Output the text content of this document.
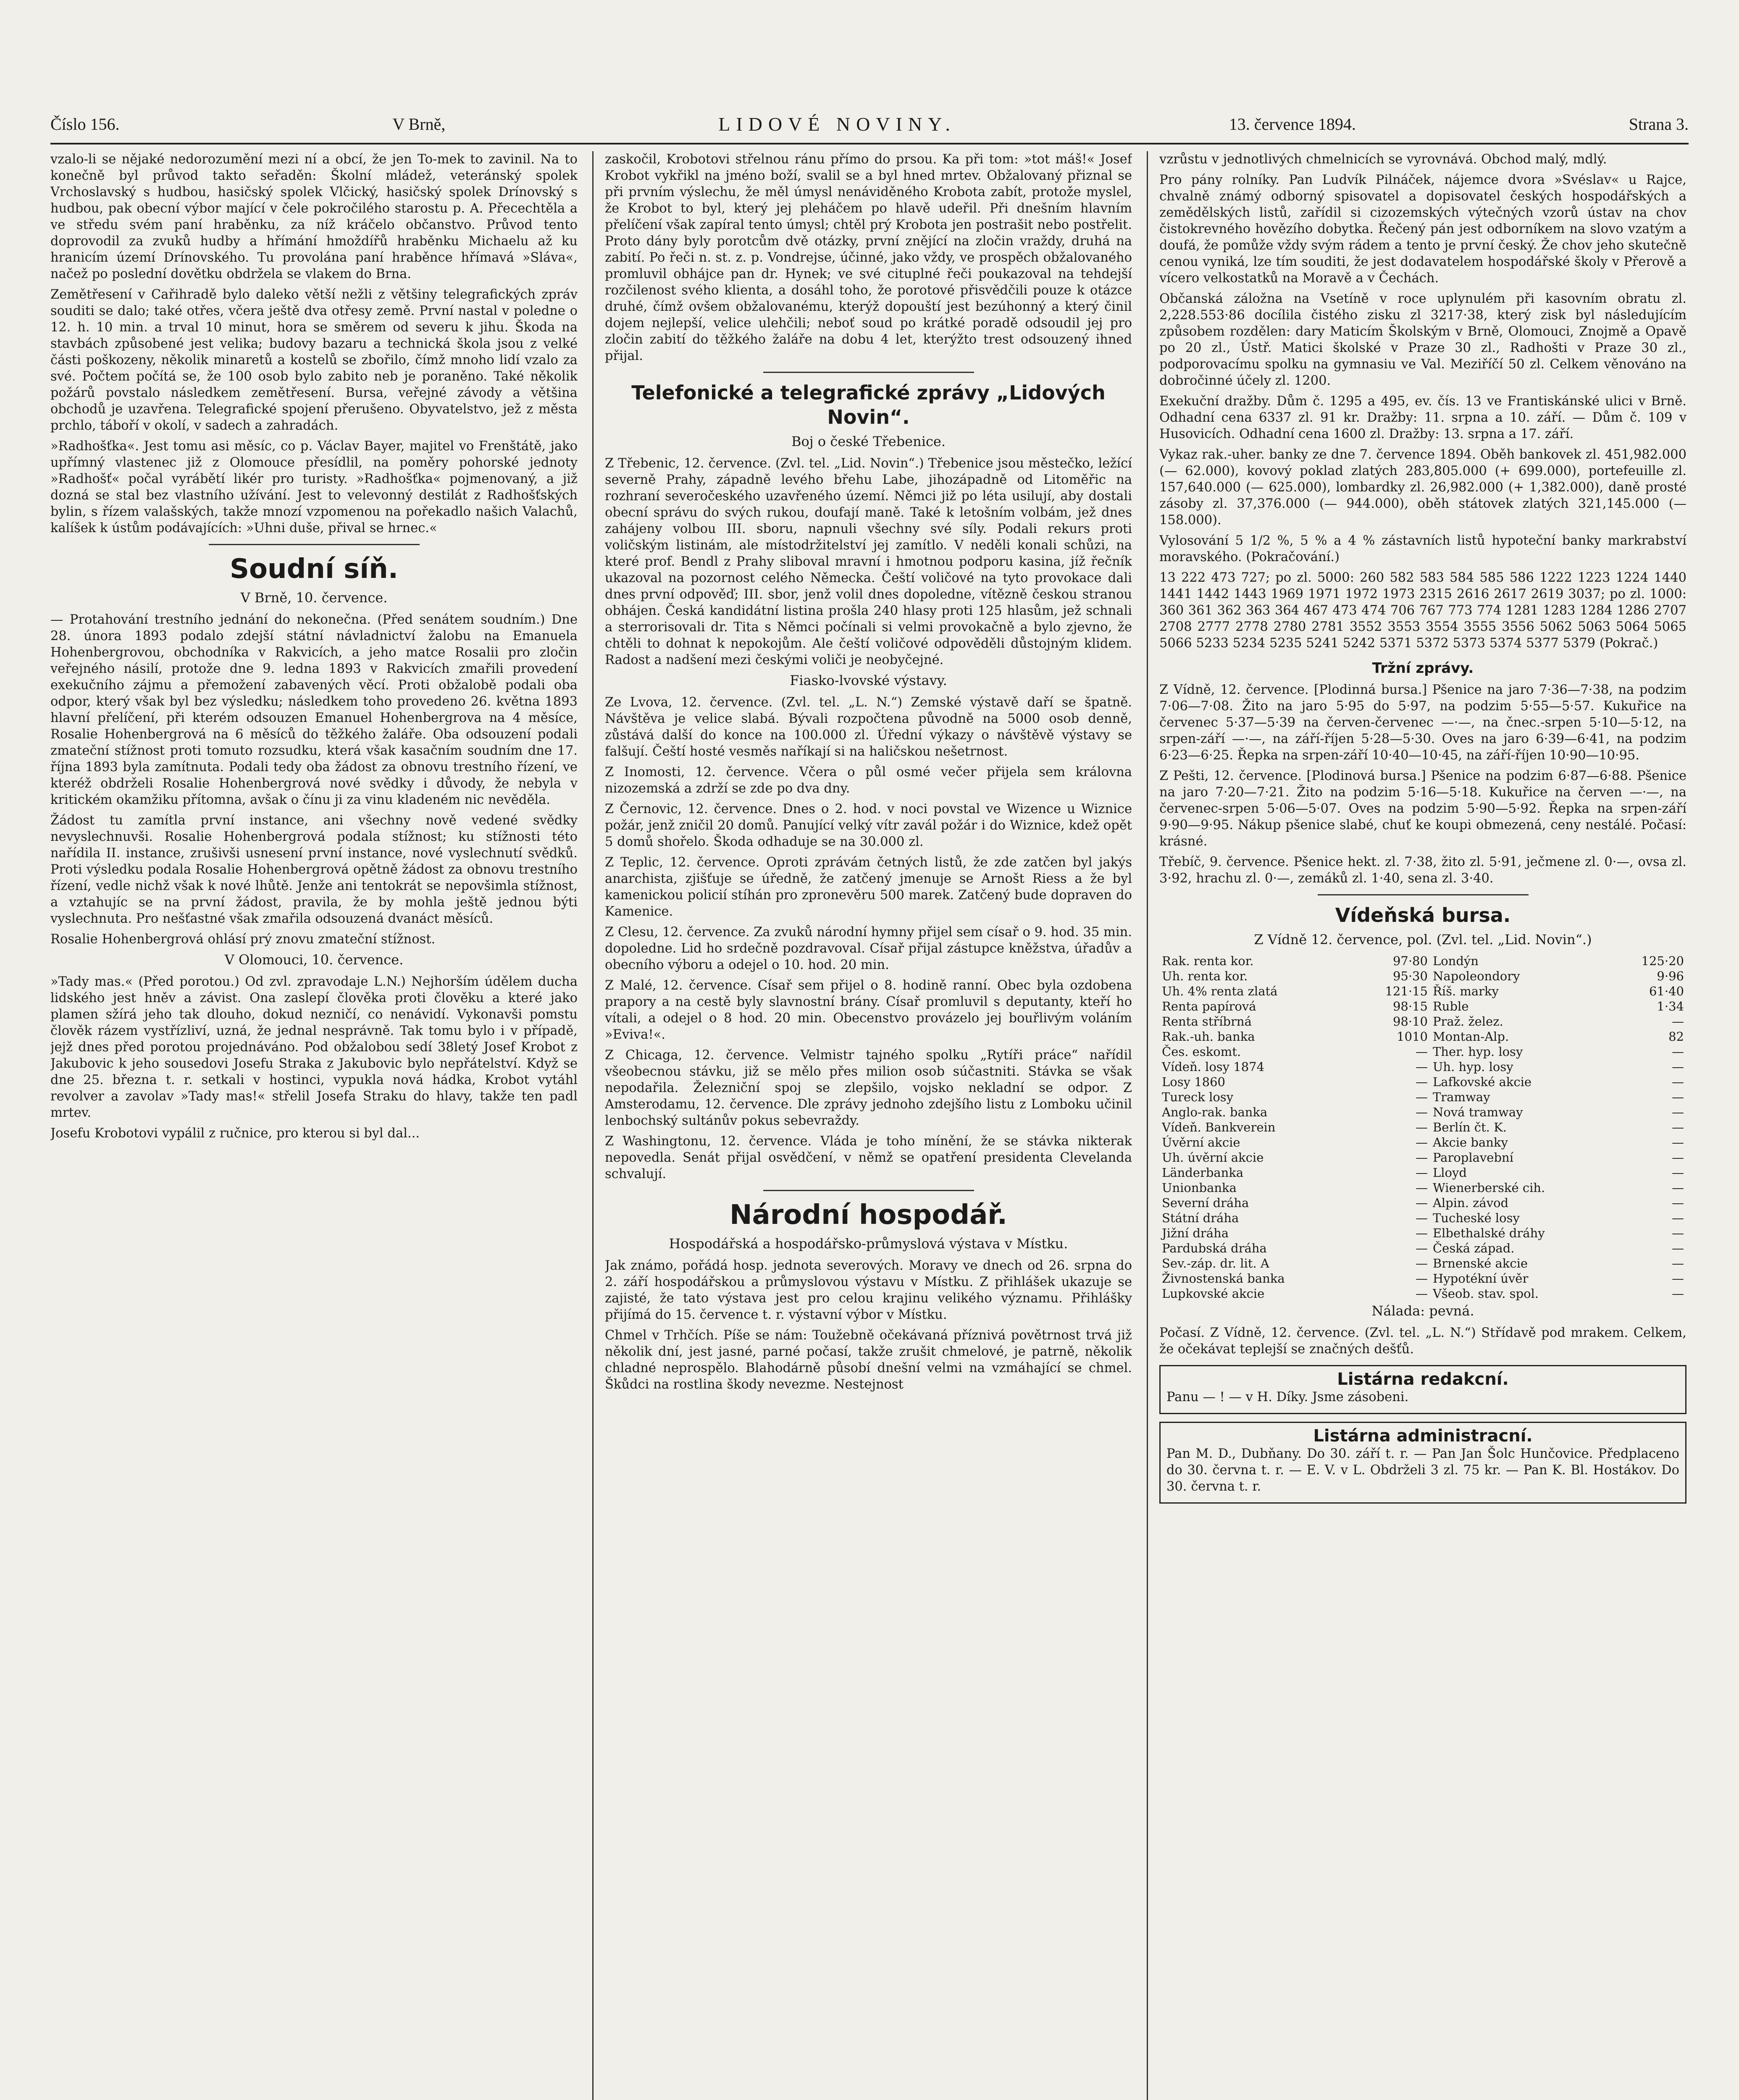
Číslo 156.	V Brně,	LIDOVÉ NOVINY.	13. července 1894.	Strana 3.

vzalo-li se nějaké nedorozumění mezi ní a obcí, že jen To-mek to zavinil. Na to konečně byl průvod takto seřaděn: Školní mládež, veteránský spolek Vrchoslavský s hudbou, hasičský spolek Vlčický, hasičský spolek Drínovský s hudbou, pak obecní výbor mající v čele pokročilého starostu p. A. Přecechtěla a ve středu svém paní hraběnku, za níž kráčelo občanstvo. Průvod tento doprovodil za zvuků hudby a hřímání hmoždířů hraběnku Michaelu až ku hranicím území Drínovského. Tu provolána paní hraběnce hřímavá »Sláva«, načež po poslední dovětku obdržela se vlakem do Brna.

Zemětřesení v Cařihradě bylo daleko větší nežli z většiny telegrafických zpráv souditi se dalo; také otřes, včera ještě dva otřesy země. První nastal v poledne o 12. h. 10 min. a trval 10 minut, hora se směrem od severu k jihu. Škoda na stavbách způsobené jest velika; budovy bazaru a technická škola jsou z velké části poškozeny, několik minaretů a kostelů se zbořilo, čímž mnoho lidí vzalo za své. Počtem počítá se, že 100 osob bylo zabito neb je poraněno. Také několik požárů povstalo následkem zemětřesení. Bursa, veřejné závody a většina obchodů je uzavřena. Telegrafické spojení přerušeno. Obyvatelstvo, jež z města prchlo, táboří v okolí, v sadech a zahradách.

»Radhošťka«. Jest tomu asi měsíc, co p. Václav Bayer, majitel vo Frenštátě, jako upřímný vlastenec již z Olomouce přesídlil, na poměry pohorské jednoty »Radhošť« počal vyrábětí likér pro turisty. »Radhošťka« pojmenovaný, a již dozná se stal bez vlastního užívání. Jest to velevonný destilát z Radhošťských bylin, s řízem valašských, takže mnozí vzpomenou na pořekadlo našich Valachů, kalíšek k ústům podávajících: »Uhni duše, přival se hrnec.«

Soudní síň.
V Brně, 10. července.

— Protahování trestního jednání do nekonečna. (Před senátem soudním.) Dne 28. února 1893 podalo zdejší státní návladnictví žalobu na Emanuela Hohenbergrovou, obchodníka v Rakvicích, a jeho matce Rosalii pro zločin veřejného násilí, protože dne 9. ledna 1893 v Rakvicích zmařili provedení exekučního zájmu a přemožení zabavených věcí. Proti obžalobě podali oba odpor, který však byl bez výsledku; následkem toho provedeno 26. května 1893 hlavní přelíčení, při kterém odsouzen Emanuel Hohenbergrova na 4 měsíce, Rosalie Hohenbergrová na 6 měsíců do těžkého žaláře. Oba odsouzení podali zmateční stížnost proti tomuto rozsudku, která však kasačním soudním dne 17. října 1893 byla zamítnuta. Podali tedy oba žádost za obnovu trestního řízení, ve kteréž obdrželi Rosalie Hohenbergrová nové svědky i důvody, že nebyla v kritickém okamžiku přítomna, avšak o čínu ji za vinu kladeném nic nevěděla.

Žádost tu zamítla první instance, ani všechny nově vedené svědky nevyslechnuvši. Rosalie Hohenbergrová podala stížnost; ku stížnosti této nařídila II. instance, zrušivši usnesení první instance, nové vyslechnutí svědků. Proti výsledku podala Rosalie Hohenbergrová opětně žádost za obnovu trestního řízení, vedle nichž však k nové lhůtě. Jenže ani tentokrát se nepovšimla stížnost, a vztahujíc se na první žádost, pravila, že by mohla ještě jednou býti vyslechnuta. Pro nešťastné však zmařila odsouzená dvanáct měsíců.

Rosalie Hohenbergrová ohlásí prý znovu zmateční stížnost.

V Olomouci, 10. července.

»Tady mas.« (Před porotou.) Od zvl. zpravodaje L.N.) Nejhorším údělem ducha lidského jest hněv a závist. Ona zaslepí člověka proti člověku a které jako plamen sžírá jeho tak dlouho, dokud nezničí, co nenávidí. Vykonavši pomstu člověk rázem vystřízliví, uzná, že jednal nesprávně. Tak tomu bylo i v případě, jejž dnes před porotou projednáváno. Pod obžalobou sedí 38letý Josef Krobot z Jakubovic k jeho sousedovi Josefu Straka z Jakubovic bylo nepřátelství. Když se dne 25. března t. r. setkali v hostinci, vypukla nová hádka, Krobot vytáhl revolver a zavolav »Tady mas!« střelil Josefa Straku do hlavy, takže ten padl mrtev.

Josefu Krobotovi vypálil z ručnice, pro kterou si byl dal...

zaskočil, Krobotovi střelnou ránu přímo do prsou. Ka při tom: »tot máš!« Josef Krobot vykřikl na jméno boží, svalil se a byl hned mrtev. Obžalovaný přiznal se při prvním výslechu, že měl úmysl nenáviděného Krobota zabít, protože myslel, že Krobot to byl, který jej pleháčem po hlavě udeřil. Při dnešním hlavním přelíčení však zapíral tento úmysl; chtěl prý Krobota jen postrašit nebo postřelit. Proto dány byly porotcům dvě otázky, první znějící na zločin vraždy, druhá na zabití. Po řeči n. st. z. p. Vondrejse, účinné, jako vždy, ve prospěch obžalovaného promluvil obhájce pan dr. Hynek; ve své cituplné řeči poukazoval na tehdejší rozčilenost svého klienta, a dosáhl toho, že porotové přisvědčili pouze k otázce druhé, čímž ovšem obžalovanému, kterýž dopouští jest bezúhonný a který činil dojem nejlepší, velice ulehčili; neboť soud po krátké poradě odsoudil jej pro zločin zabití do těžkého žaláře na dobu 4 let, kterýžto trest odsouzený ihned přijal.

Telefonické a telegrafické zprávy „Lidových Novin“.
Boj o české Třebenice.

Z Třebenic, 12. července. (Zvl. tel. „Lid. Novin“.) Třebenice jsou městečko, ležící severně Prahy, západně levého břehu Labe, jihozápadně od Litoměřic na rozhraní severočeského uzavřeného území. Němci již po léta usilují, aby dostali obecní správu do svých rukou, doufají maně. Také k letošním volbám, jež dnes zahájeny volbou III. sboru, napnuli všechny své síly. Podali rekurs proti voličským listinám, ale místodržitelství jej zamítlo. V neděli konali schůzi, na které prof. Bendl z Prahy sliboval mravní i hmotnou podporu kasina, jíž řečník ukazoval na pozornost celého Německa. Čeští voličové na tyto provokace dali dnes první odpověď; III. sbor, jenž volil dnes dopoledne, vítězně českou stranou obhájen. Česká kandidátní listina prošla 240 hlasy proti 125 hlasům, jež schnali a sterrorisovali dr. Tita s Němci počínali si velmi provokačně a bylo zjevno, že chtěli to dohnat k nepokojům. Ale čeští voličové odpověděli důstojným klidem. Radost a nadšení mezi českými voliči je neobyčejné.

Fiasko-lvovské výstavy.

Ze Lvova, 12. července. (Zvl. tel. „L. N.“) Zemské výstavě daří se špatně. Návštěva je velice slabá. Bývali rozpočtena původně na 5000 osob denně, zůstává další do konce na 100.000 zl. Úřední výkazy o návštěvě výstavy se falšují. Čeští hosté vesměs naříkají si na haličskou nešetrnost.

Z Inomosti, 12. července. Včera o půl osmé večer přijela sem královna nizozemská a zdrží se zde po dva dny.

Z Černovic, 12. července. Dnes o 2. hod. v noci povstal ve Wizence u Wiznice požár, jenž zničil 20 domů. Panující velký vítr zavál požár i do Wiznice, kdež opět 5 domů shořelo. Škoda odhaduje se na 30.000 zl.

Z Teplic, 12. července. Oproti zprávám četných listů, že zde zatčen byl jakýs anarchista, zjišťuje se úředně, že zatčený jmenuje se Arnošt Riess a že byl kamenickou policií stíhán pro zpronevěru 500 marek. Zatčený bude dopraven do Kamenice.

Z Clesu, 12. července. Za zvuků národní hymny přijel sem císař o 9. hod. 35 min. dopoledne. Lid ho srdečně pozdravoval. Císař přijal zástupce kněžstva, úřadův a obecního výboru a odejel o 10. hod. 20 min.

Z Malé, 12. července. Císař sem přijel o 8. hodině ranní. Obec byla ozdobena prapory a na cestě byly slavnostní brány. Císař promluvil s deputanty, kteří ho vítali, a odejel o 8 hod. 20 min. Obecenstvo provázelo jej bouřlivým voláním »Eviva!«.

Z Chicaga, 12. července. Velmistr tajného spolku „Rytíři práce“ nařídil všeobecnou stávku, již se mělo přes milion osob súčastniti. Stávka se však nepodařila. Železniční spoj se zlepšilo, vojsko nekladní se odpor. Z Amsterodamu, 12. července. Dle zprávy jednoho zdejšího listu z Lomboku učinil lenbochský sultánův pokus sebevraždy.

Z Washingtonu, 12. července. Vláda je toho mínění, že se stávka nikterak nepovedla. Senát přijal osvědčení, v němž se opatření presidenta Clevelanda schvalují.

Národní hospodář.
Hospodářská a hospodářsko-průmyslová výstava v Místku.

Jak známo, pořádá hosp. jednota severových. Moravy ve dnech od 26. srpna do 2. září hospodářskou a průmyslovou výstavu v Místku. Z přihlášek ukazuje se zajisté, že tato výstava jest pro celou krajinu velikého významu. Přihlášky přijímá do 15. července t. r. výstavní výbor v Místku.

Chmel v Trhčích. Píše se nám: Toužebně očekávaná příznivá povětrnost trvá již několik dní, jest jasné, parné počasí, takže zrušit chmelové, je patrně, několik chladné neprospělo. Blahodárně působí dnešní velmi na vzmáhající se chmel. Škůdci na rostlina škody nevezme. Nestejnost

vzrůstu v jednotlivých chmelnicích se vyrovnává. Obchod malý, mdlý.

Pro pány rolníky. Pan Ludvík Pilnáček, nájemce dvora »Svéslav« u Rajce, chvalně známý odborný spisovatel a dopisovatel českých hospodářských a zemědělských listů, zařídil si cizozemských výtečných vzorů ústav na chov čistokrevného hovězího dobytka. Řečený pán jest odborníkem na slovo vzatým a doufá, že pomůže vždy svým rádem a tento je první český. Že chov jeho skutečně cenou vyniká, lze tím souditi, že jest dodavatelem hospodářské školy v Přerově a vícero velkostatků na Moravě a v Čechách.

Občanská záložna na Vsetíně v roce uplynulém při kasovním obratu zl. 2,228.553·86 docílila čistého zisku zl 3217·38, který zisk byl následujícím způsobem rozdělen: dary Maticím Školským v Brně, Olomouci, Znojmě a Opavě po 20 zl., Ústř. Matici školské v Praze 30 zl., Radhošti v Praze 30 zl., podporovacímu spolku na gymnasiu ve Val. Meziříčí 50 zl. Celkem věnováno na dobročinné účely zl. 1200.

Exekuční dražby. Dům č. 1295 a 495, ev. čís. 13 ve Frantiskánské ulici v Brně. Odhadní cena 6337 zl. 91 kr. Dražby: 11. srpna a 10. září. — Dům č. 109 v Husovicích. Odhadní cena 1600 zl. Dražby: 13. srpna a 17. září.

Vykaz rak.-uher. banky ze dne 7. července 1894. Oběh bankovek zl. 451,982.000 (— 62.000), kovový poklad zlatých 283,805.000 (+ 699.000), portefeuille zl. 157,640.000 (— 625.000), lombardky zl. 26,982.000 (+ 1,382.000), daně prosté zásoby zl. 37,376.000 (— 944.000), oběh státovek zlatých 321,145.000 (— 158.000).

Vylosování 5 1/2 %, 5 % a 4 % zástavních listů hypoteční banky markrabství moravského. (Pokračování.)

13 222 473 727; po zl. 5000: 260 582 583 584 585 586 1222 1223 1224 1440 1441 1442 1443 1969 1971 1972 1973 2315 2616 2617 2619 3037; po zl. 1000: 360 361 362 363 364 467 473 474 706 767 773 774 1281 1283 1284 1286 2707 2708 2777 2778 2780 2781 3552 3553 3554 3555 3556 5062 5063 5064 5065 5066 5233 5234 5235 5241 5242 5371 5372 5373 5374 5377 5379 (Pokrač.)

Tržní zprávy.

Z Vídně, 12. července. [Plodinná bursa.] Pšenice na jaro 7·36—7·38, na podzim 7·06—7·08. Žito na jaro 5·95 do 5·97, na podzim 5·55—5·57. Kukuřice na červenec 5·37—5·39 na červen-červenec —·—, na čnec.-srpen 5·10—5·12, na srpen-září —·—, na září-říjen 5·28—5·30. Oves na jaro 6·39—6·41, na podzim 6·23—6·25. Řepka na srpen-září 10·40—10·45, na září-říjen 10·90—10·95.

Z Pešti, 12. července. [Plodinová bursa.] Pšenice na podzim 6·87—6·88. Pšenice na jaro 7·20—7·21. Žito na podzim 5·16—5·18. Kukuřice na červen —·—, na červenec-srpen 5·06—5·07. Oves na podzim 5·90—5·92. Řepka na srpen-září 9·90—9·95. Nákup pšenice slabé, chuť ke koupi obmezená, ceny nestálé. Počasí: krásné.

Třebíč, 9. července. Pšenice hekt. zl. 7·38, žito zl. 5·91, ječmene zl. 0·—, ovsa zl. 3·92, hrachu zl. 0·—, zemáků zl. 1·40, sena zl. 3·40.

Vídeňská bursa.
Z Vídně 12. července, pol. (Zvl. tel. „Lid. Novin“.)
Rak. renta kor.	97·80	Londýn	125·20
Uh. renta kor.	95·30	Napoleondory	9·96
Uh. 4% renta zlatá	121·15	Říš. marky	61·40
Renta papírová	98·15	Ruble	1·34
Renta stříbrná	98·10	Praž. želez.	—
Rak.-uh. banka	1010	Montan-Alp.	82
Čes. eskomt.	—	Ther. hyp. losy	—
Vídeň. losy 1874	—	Uh. hyp. losy	—
Losy 1860	—	Lafkovské akcie	—
Tureck losy	—	Tramway	—
Anglo-rak. banka	—	Nová tramway	—
Vídeň. Bankverein	—	Berlín čt. K.	—
Úvěrní akcie	—	Akcie banky	—
Uh. úvěrní akcie	—	Paroplavební	—
Länderbanka	—	Lloyd	—
Unionbanka	—	Wienerberské cih.	—
Severní dráha	—	Alpin. závod	—
Státní dráha	—	Tucheské losy	—
Jižní dráha	—	Elbethalské dráhy	—
Pardubská dráha	—	Česká západ.	—
Sev.-záp. dr. lit. A	—	Brnenské akcie	—
Živnostenská banka	—	Hypotékní úvěr	—
Lupkovské akcie	—	Všeob. stav. spol.	—
Nálada: pevná.

Počasí. Z Vídně, 12. července. (Zvl. tel. „L. N.“) Střídavě pod mrakem. Celkem, že očekávat teplejší se značných dešťů.

Listárna redakcní.

Panu — ! — v H. Díky. Jsme zásobeni.

Listárna administracní.

Pan M. D., Dubňany. Do 30. září t. r. — Pan Jan Šolc Hunčovice. Předplaceno do 30. června t. r. — E. V. v L. Obdrželi 3 zl. 75 kr. — Pan K. Bl. Hostákov. Do 30. června t. r.
